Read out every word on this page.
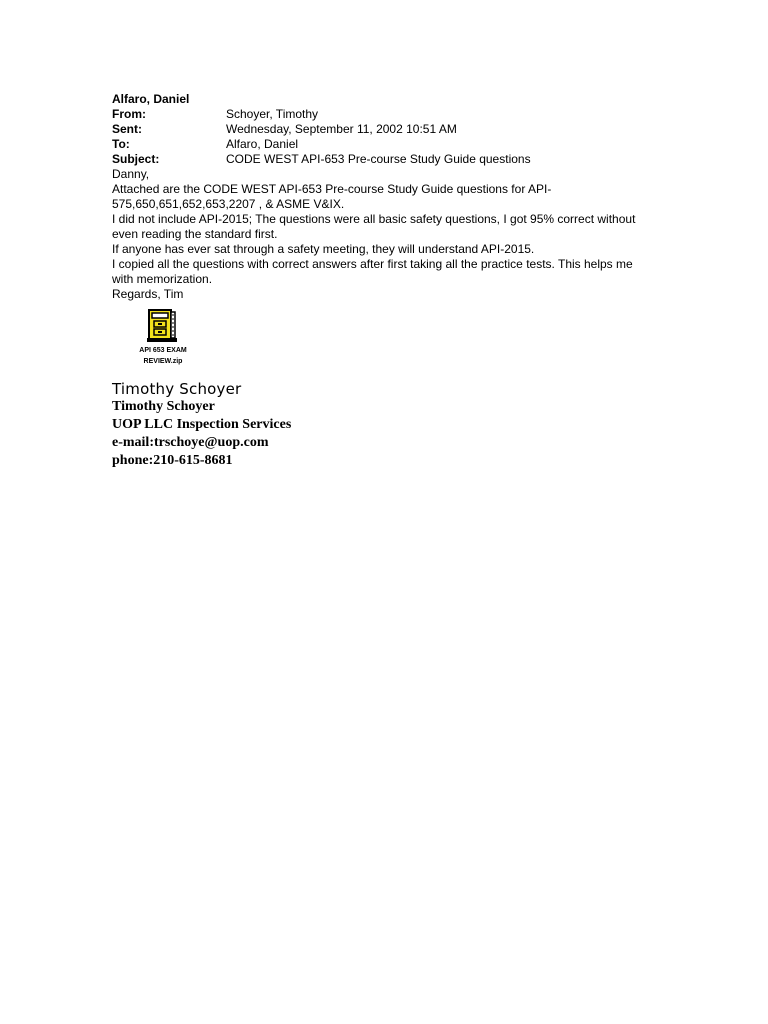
Alfaro, Daniel
From:	Schoyer, Timothy
Sent:	Wednesday, September 11, 2002 10:51 AM
To:	Alfaro, Daniel
Subject:	CODE WEST API-653 Pre-course Study Guide questions

Danny,

Attached are the CODE WEST API-653 Pre-course Study Guide questions for API-575,650,651,652,653,2207 , & ASME V&IX.

I did not include API-2015; The questions were all basic safety questions, I got 95% correct without even reading the standard first.

If anyone has ever sat through a safety meeting, they will understand API-2015.

I copied all the questions with correct answers after first taking all the practice tests. This helps me with memorization.

Regards, Tim

API 653 EXAM
REVIEW.zip
Timothy Schoyer
Timothy Schoyer
UOP LLC Inspection Services
e-mail:trschoye@uop.com
phone:210-615-8681
